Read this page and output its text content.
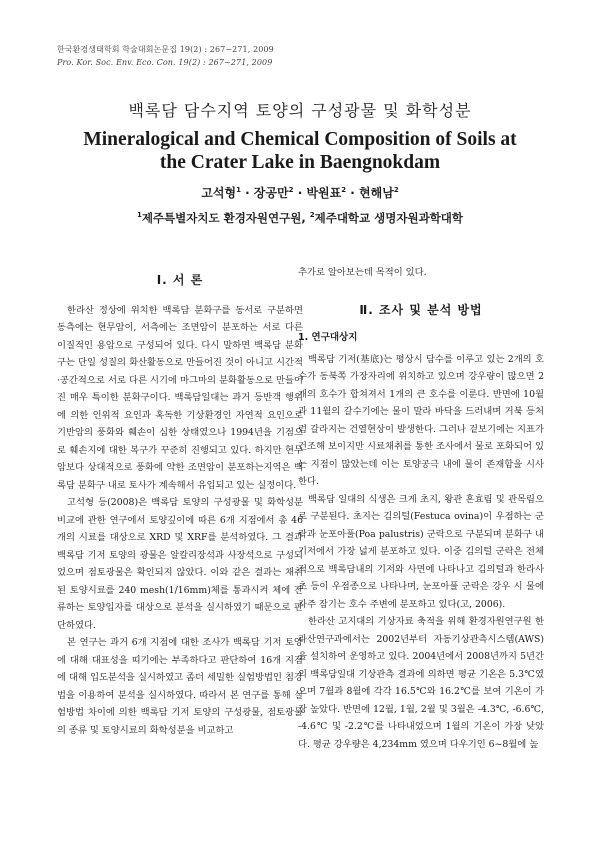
한국환경생태학회 학술대회논문집 19(2) : 267~271, 2009
Pro. Kor. Soc. Env. Eco. Con. 19(2) : 267~271, 2009
백록담 담수지역 토양의 구성광물 및 화학성분
Mineralogical and Chemical Composition of Soils at the Crater Lake in Baengnokdam
고석형$^1$ · 장공만$^2$ · 박원표$^2$ · 현해남$^2$
$^1$제주특별자치도 환경자원연구원, $^2$제주대학교 생명자원과학대학
Ⅰ. 서 론

한라산 정상에 위치한 백록담 분화구를 동서로 구분하면 동측에는 현무암이, 서측에는 조면암이 분포하는 서로 다른 이질적인 용암으로 구성되어 있다. 다시 말하면 백록담 분화구는 단일 성질의 화산활동으로 만들어진 것이 아니고 시간적·공간적으로 서로 다른 시기에 마그마의 분화활동으로 만들어진 매우 특이한 분화구이다. 백록담일대는 과거 등반객 행위에 의한 인위적 요인과 혹독한 기상환경인 자연적 요인으로 기반암의 풍화와 훼손이 심한 상태였으나 1994년을 기점으로 훼손지에 대한 복구가 꾸준히 진행되고 있다. 하지만 현무암보다 상대적으로 풍화에 약한 조면암이 분포하는지역은 백록담 분화구 내로 토사가 계속해서 유입되고 있는 실정이다.

고석형 등(2008)은 백록담 토양의 구성광물 및 화학성분 비교에 관한 연구에서 토양깊이에 따른 6개 지점에서 총 46개의 시료를 대상으로 XRD 및 XRF를 분석하였다. 그 결과 백록담 기저 토양의 광물은 알칼리장석과 사장석으로 구성되었으며 점토광물은 확인되지 않았다. 이와 같은 결과는 채취된 토양시료를 240 mesh(1/16mm)체를 통과시켜 체에 잔류하는 토양입자를 대상으로 분석을 실시하였기 때문으로 판단하였다.

본 연구는 과거 6개 지점에 대한 조사가 백록담 기저 토양에 대해 대표성을 띠기에는 부족하다고 판단하여 16개 지점에 대해 입도분석을 실시하였고 좀더 세밀한 실험방법인 침강법을 이용하여 분석을 실시하였다. 따라서 본 연구를 통해 실험방법 차이에 의한 백록담 기저 토양의 구성광물, 점토광물의 종류 및 토양시료의 화학성분을 비교하고

추가로 알아보는데 목적이 있다.

Ⅱ. 조사 및 분석 방법
1. 연구대상지

백록담 기저(基底)는 평상시 담수를 이루고 있는 2개의 호수가 동북쪽 가장자리에 위치하고 있으며 강우량이 많으면 2개의 호수가 합쳐져서 1개의 큰 호수를 이룬다. 반면에 10월과 11월의 갈수기에는 물이 말라 바닥을 드러내며 거북 등처럼 갈라지는 건열현상이 발생한다. 그러나 겉보기에는 지표가 건조해 보이지만 시료채취를 통한 조사에서 물로 포화되어 있는 지점이 많았는데 이는 토양공극 내에 물이 존재함을 시사한다.

백록담 일대의 식생은 크게 초지, 왕관 혼효림 및 관목림으로 구분된다. 초지는 김의털(Festuca ovina)이 우점하는 군락과 눈포아풀(Poa palustris) 군락으로 구분되며 분화구 내 기저에서 가장 넓게 분포하고 있다. 이중 김의털 군락은 전체적으로 백록담내의 기저와 사면에 나타나고 김의털과 한라사초 등이 우점종으로 나타나며, 눈포아풀 군락은 강우 시 물에 자주 잠기는 호수 주변에 분포하고 있다(고, 2006).

한라산 고지대의 기상자료 축적을 위해 환경자원연구원 한라산연구과에서는 2002년부터 자동기상관측시스템(AWS)을 설치하여 운영하고 있다. 2004년에서 2008년까지 5년간의 백록담일대 기상관측 결과에 의하면 평균 기온은 5.3℃였으며 7월과 8월에 각각 16.5℃와 16.2℃를 보여 기온이 가장 높았다. 반면에 12월, 1월, 2월 및 3월은 -4.3℃, -6.6℃, -4.6℃ 및 -2.2℃를 나타내었으며 1월의 기온이 가장 낮았다. 평균 강우량은 4,234mm 였으며 다우기인 6~8월에 높
